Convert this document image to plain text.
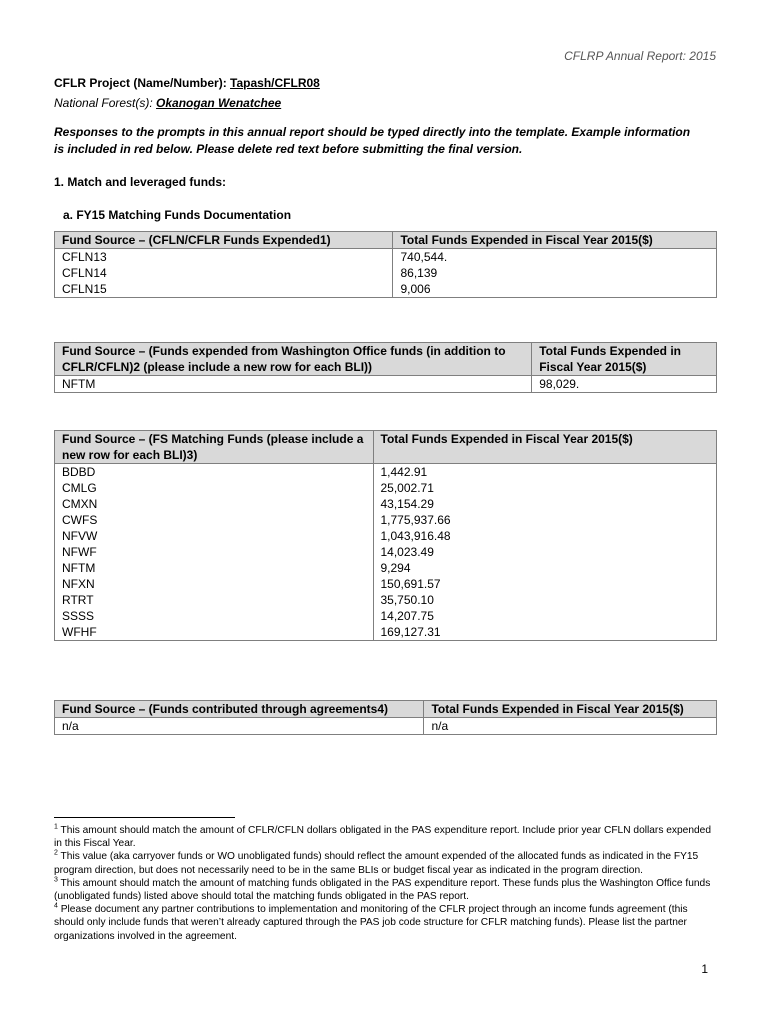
CFLRP Annual Report: 2015
CFLR Project (Name/Number): Tapash/CFLR08
National Forest(s): Okanogan Wenatchee
Responses to the prompts in this annual report should be typed directly into the template. Example information is included in red below. Please delete red text before submitting the final version.
1. Match and leveraged funds:
a. FY15 Matching Funds Documentation
Fund Source – (CFLN/CFLR Funds Expended1)	Total Funds Expended in Fiscal Year 2015($)
CFLN13	740,544.
CFLN14	86,139
CFLN15	9,006
Fund Source – (Funds expended from Washington Office funds (in addition to CFLR/CFLN)2 (please include a new row for each BLI))	Total Funds Expended in Fiscal Year 2015($)
NFTM	98,029.
Fund Source – (FS Matching Funds (please include a new row for each BLI)3)	Total Funds Expended in Fiscal Year 2015($)
BDBD	1,442.91
CMLG	25,002.71
CMXN	43,154.29
CWFS	1,775,937.66
NFVW	1,043,916.48
NFWF	14,023.49
NFTM	9,294
NFXN	150,691.57
RTRT	35,750.10
SSSS	14,207.75
WFHF	169,127.31
Fund Source – (Funds contributed through agreements4)	Total Funds Expended in Fiscal Year 2015($)
n/a	n/a

$^1$ This amount should match the amount of CFLR/CFLN dollars obligated in the PAS expenditure report. Include prior year CFLN dollars expended in this Fiscal Year.

$^2$ This value (aka carryover funds or WO unobligated funds) should reflect the amount expended of the allocated funds as indicated in the FY15 program direction, but does not necessarily need to be in the same BLIs or budget fiscal year as indicated in the program direction.

$^3$ This amount should match the amount of matching funds obligated in the PAS expenditure report. These funds plus the Washington Office funds (unobligated funds) listed above should total the matching funds obligated in the PAS report.

$^4$ Please document any partner contributions to implementation and monitoring of the CFLR project through an income funds agreement (this should only include funds that weren’t already captured through the PAS job code structure for CFLR matching funds). Please list the partner organizations involved in the agreement.

1
